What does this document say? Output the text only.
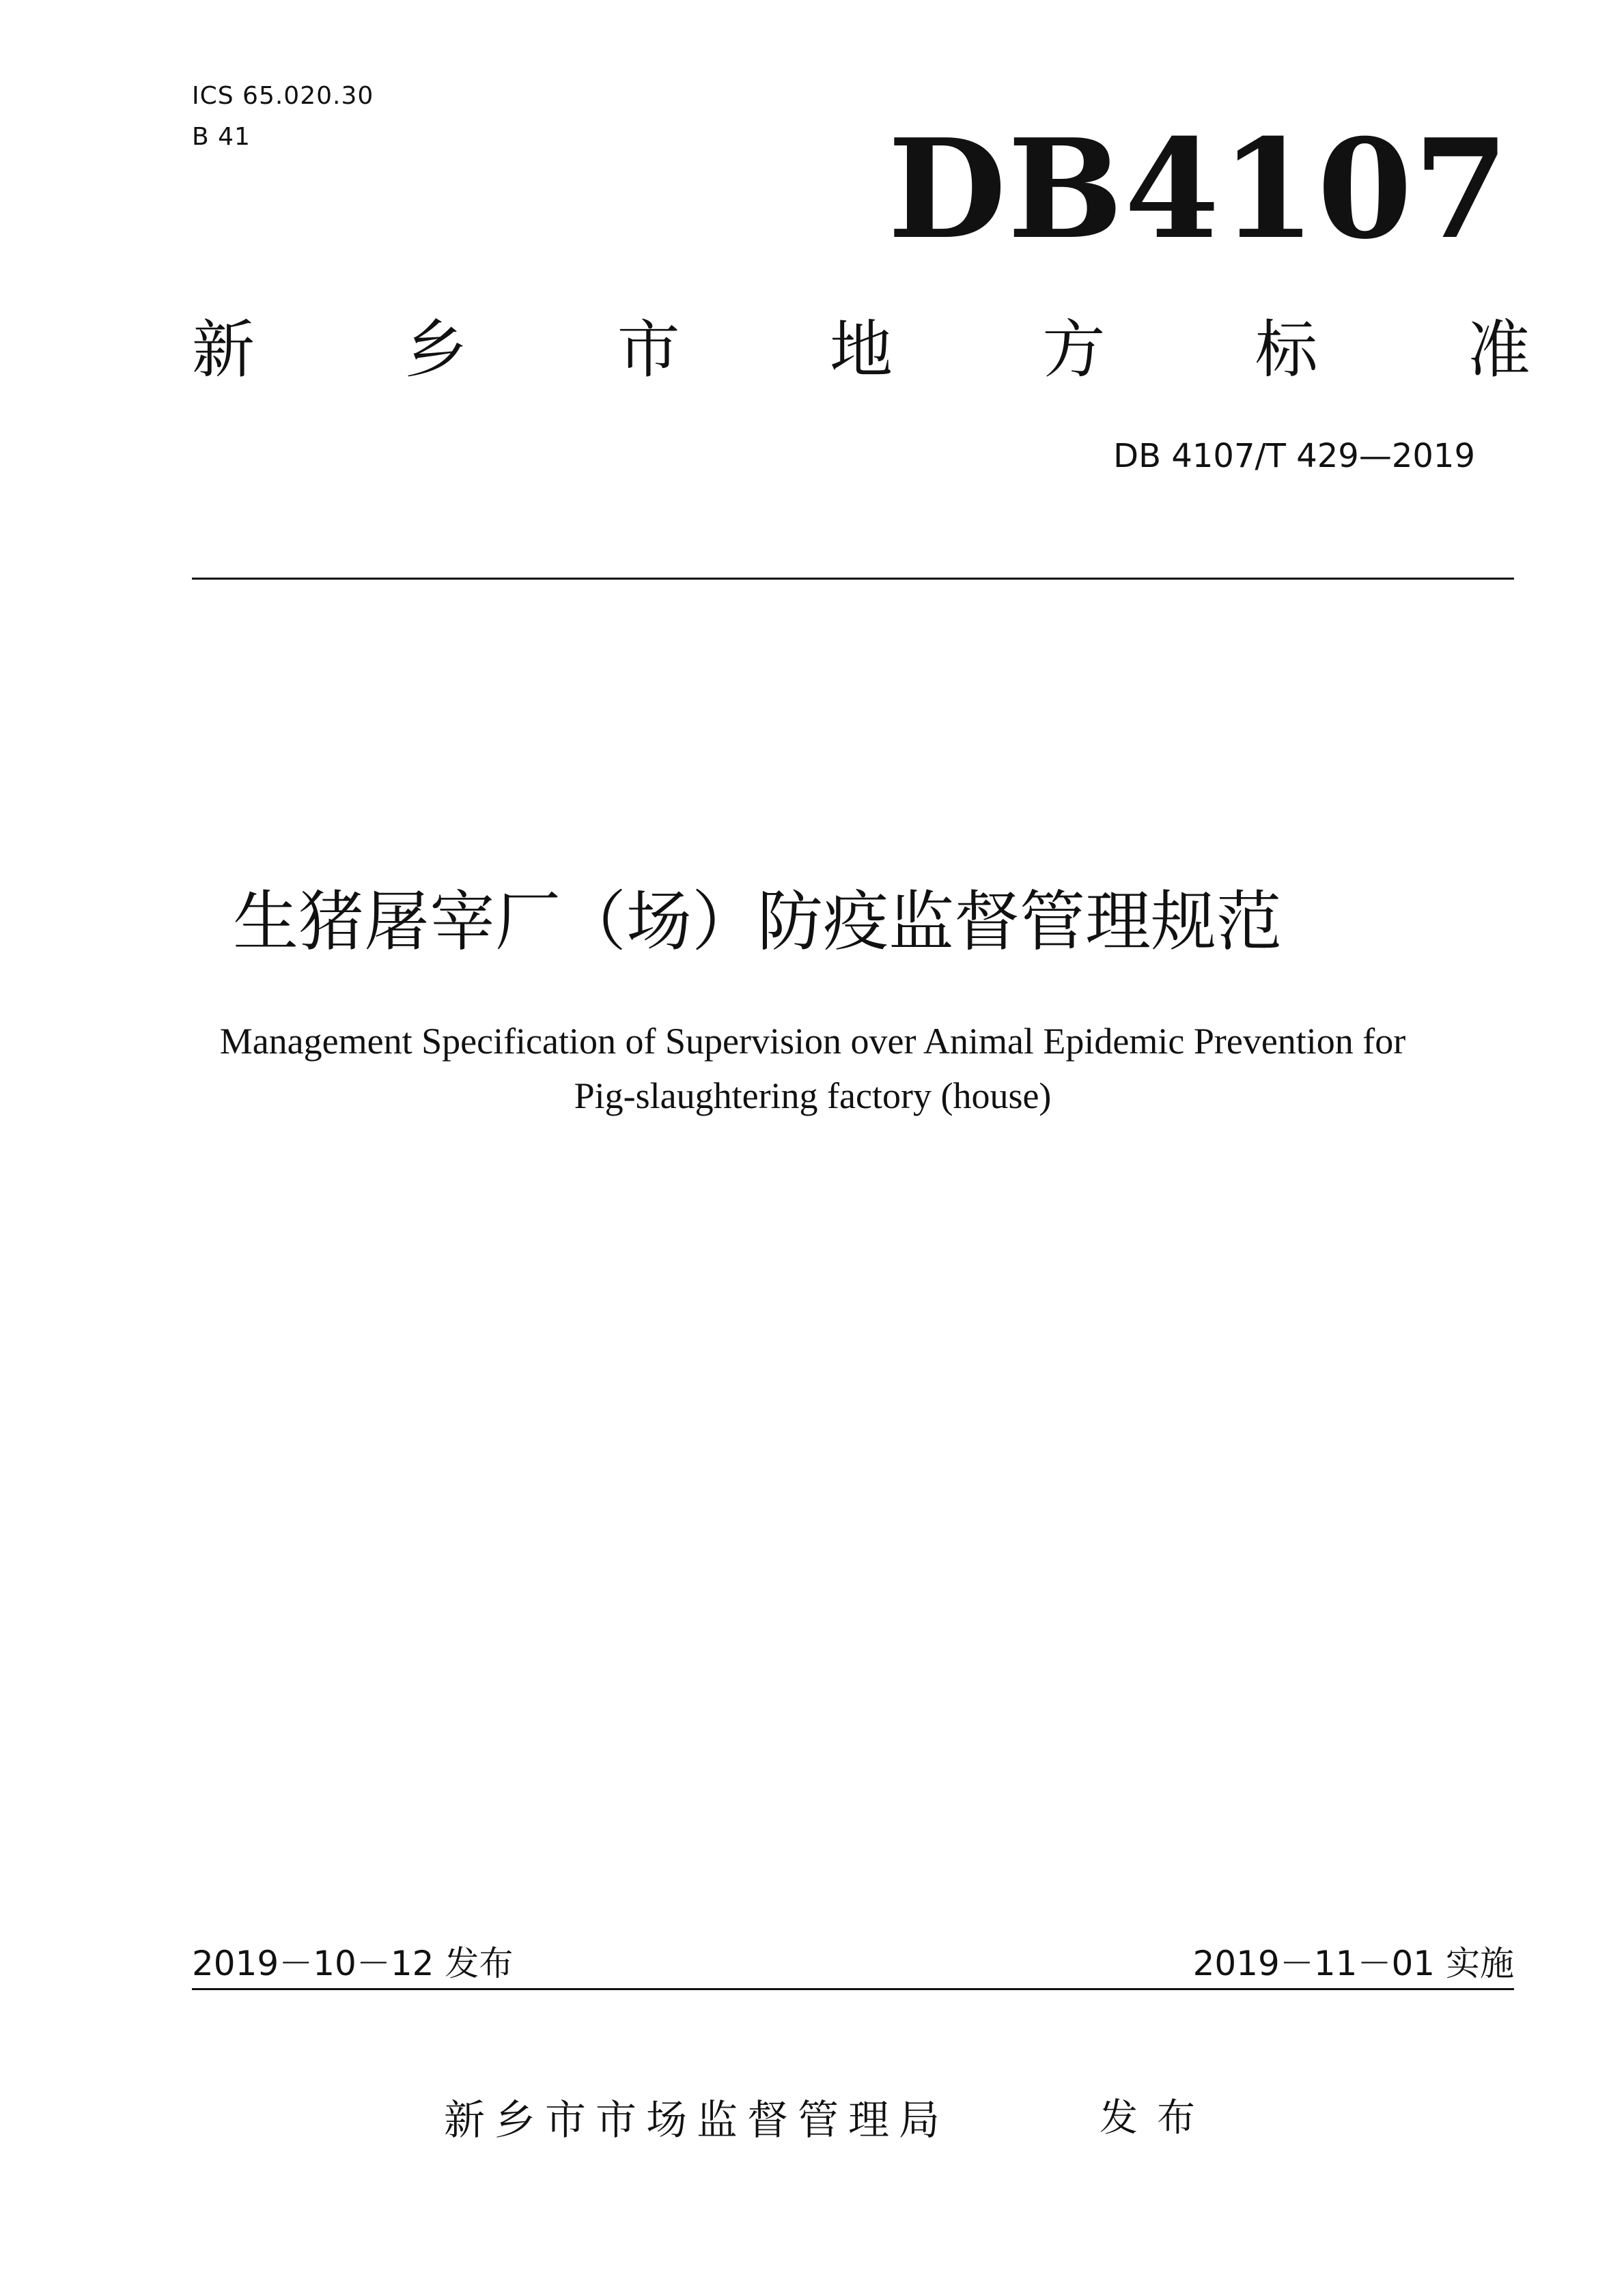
ICS 65.020.30
B 41	DB4107
新 乡 市 地 方 标 准
DB 4107/T 429—2019
生猪屠宰厂（场）防疫监督管理规范
Management Specification of Supervision over Animal Epidemic Prevention for
Pig-slaughtering factory (house)
2019－10－12 发布	2019－11－01 实施
新乡市市场监督管理局	发布
